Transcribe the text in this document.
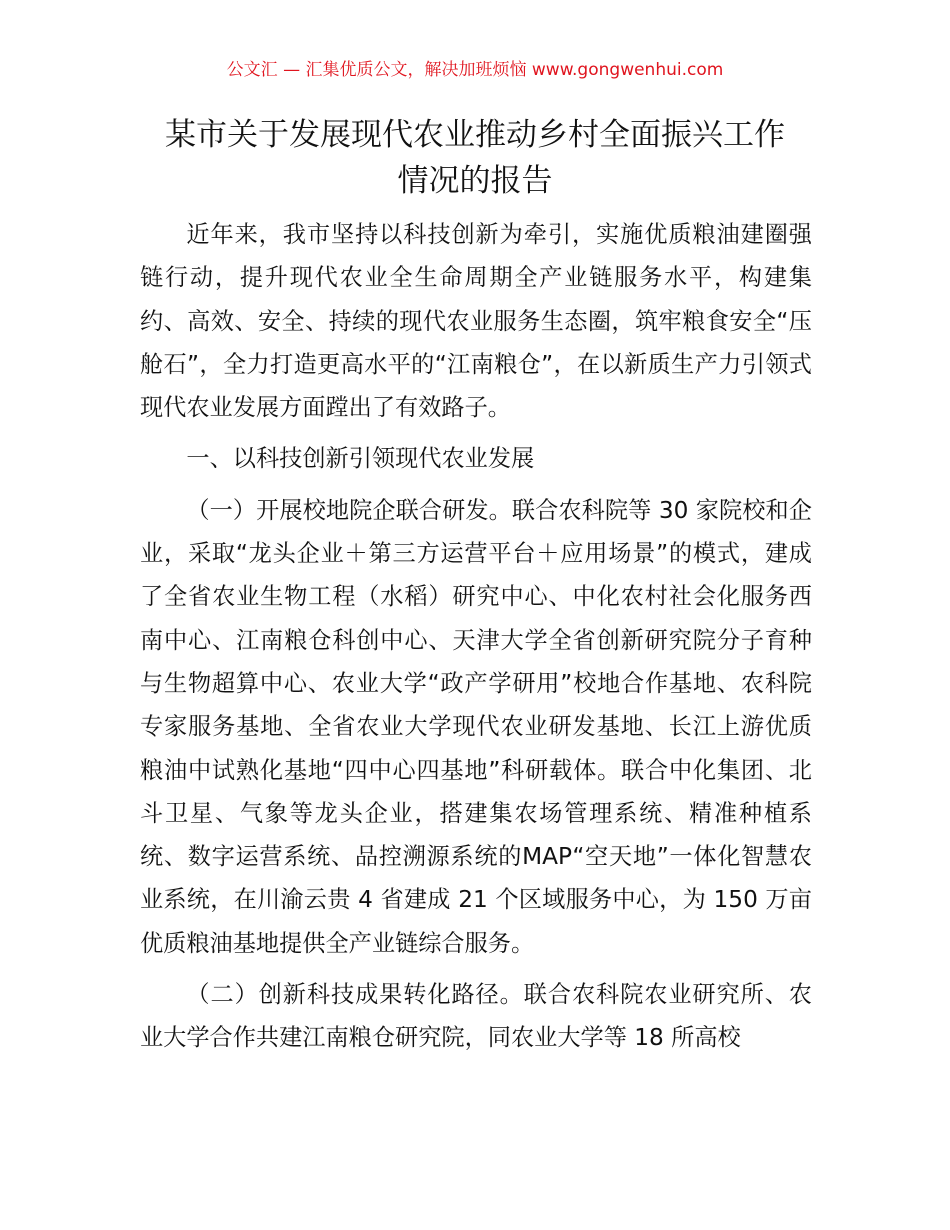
公文汇 — 汇集优质公文，解决加班烦恼 www.gongwenhui.com
某市关于发展现代农业推动乡村全面振兴工作
情况的报告

近年来，我市坚持以科技创新为牵引，实施优质粮油建圈强链行动，提升现代农业全生命周期全产业链服务水平，构建集约、高效、安全、持续的现代农业服务生态圈，筑牢粮食安全“压舱石”，全力打造更高水平的“江南粮仓”，在以新质生产力引领式现代农业发展方面蹚出了有效路子。

一、以科技创新引领现代农业发展

（一）开展校地院企联合研发。联合农科院等 30 家院校和企业，采取“龙头企业＋第三方运营平台＋应用场景”的模式，建成了全省农业生物工程（水稻）研究中心、中化农村社会化服务西南中心、江南粮仓科创中心、天津大学全省创新研究院分子育种与生物超算中心、农业大学“政产学研用”校地合作基地、农科院专家服务基地、全省农业大学现代农业研发基地、长江上游优质粮油中试熟化基地“四中心四基地”科研载体。联合中化集团、北斗卫星、气象等龙头企业，搭建集农场管理系统、精准种植系统、数字运营系统、品控溯源系统的MAP“空天地”一体化智慧农业系统，在川渝云贵 4 省建成 21 个区域服务中心，为 150 万亩优质粮油基地提供全产业链综合服务。

（二）创新科技成果转化路径。联合农科院农业研究所、农业大学合作共建江南粮仓研究院，同农业大学等 18 所高校
